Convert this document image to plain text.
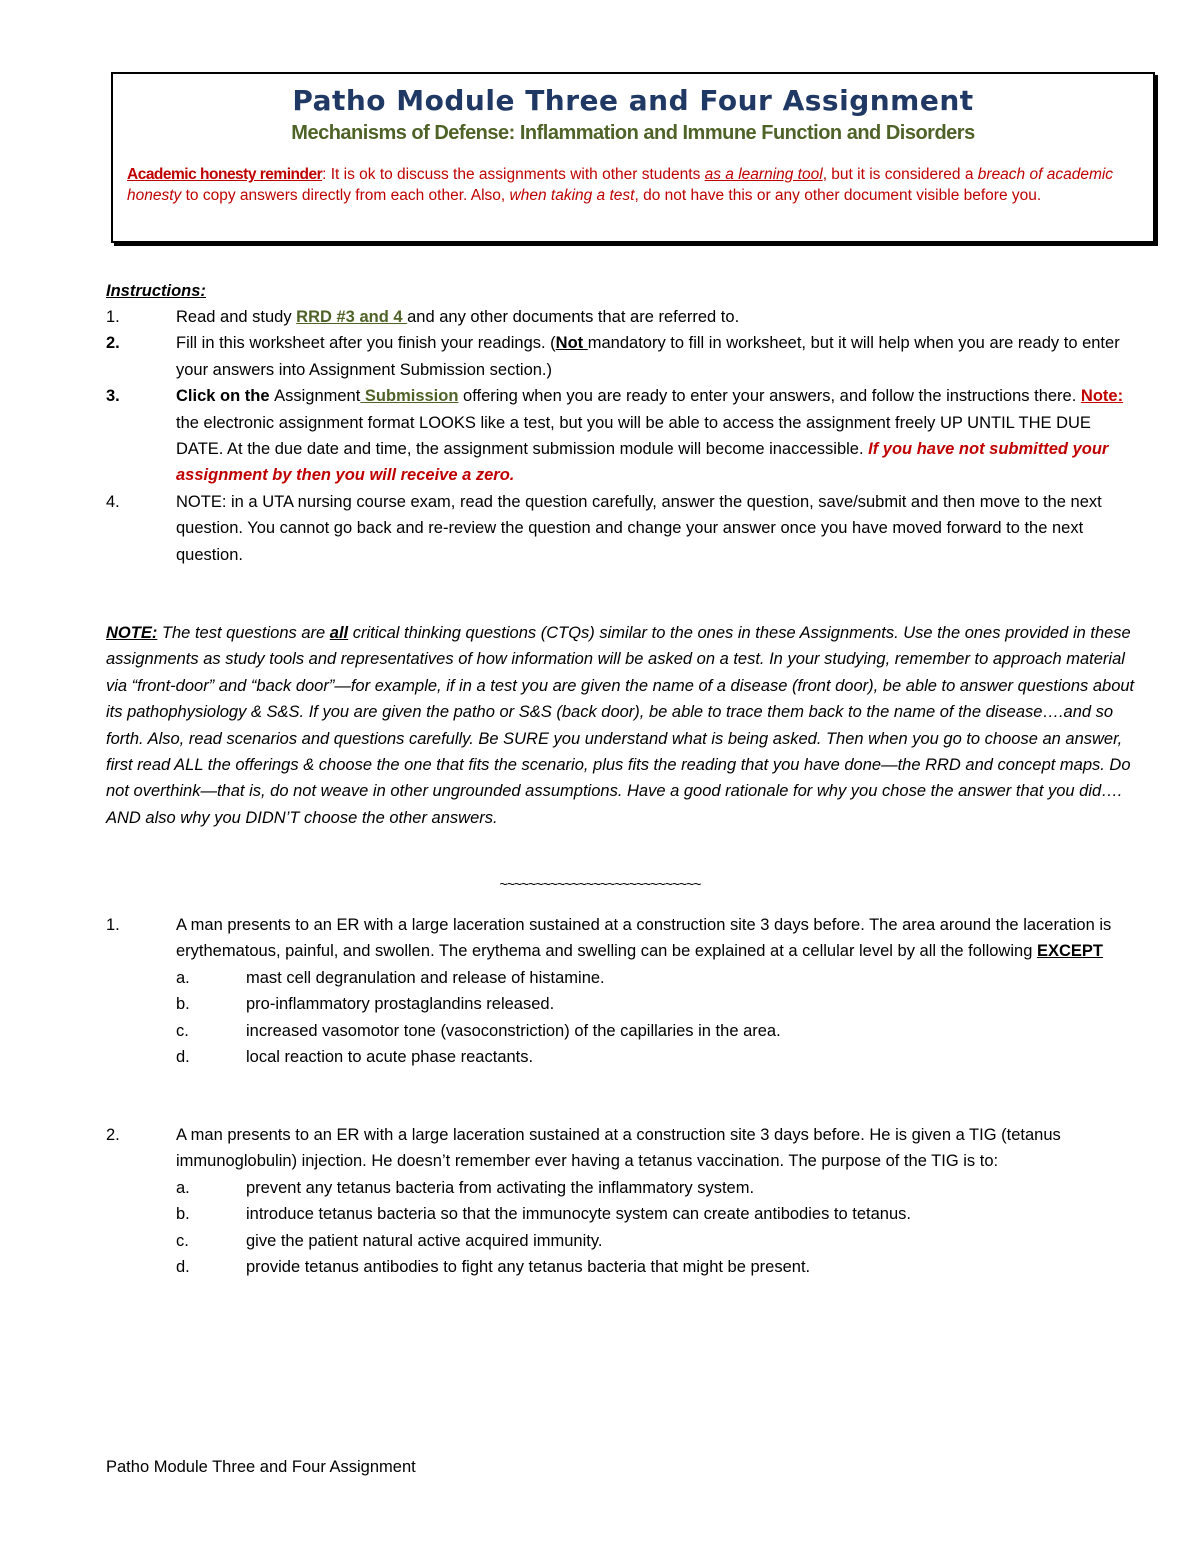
Patho Module Three and Four Assignment
Mechanisms of Defense: Inflammation and Immune Function and Disorders
Academic honesty reminder: It is ok to discuss the assignments with other students as a learning tool, but it is considered a breach of academic honesty to copy answers directly from each other. Also, when taking a test, do not have this or any other document visible before you.
Instructions:
1.	Read and study RRD #3 and 4 and any other documents that are referred to.
2.	Fill in this worksheet after you finish your readings. (Not mandatory to fill in worksheet, but it will help when you are ready to enter your answers into Assignment Submission section.)
3.	Click on the Assignment Submission offering when you are ready to enter your answers, and follow the instructions there. Note: the electronic assignment format LOOKS like a test, but you will be able to access the assignment freely UP UNTIL THE DUE DATE. At the due date and time, the assignment submission module will become inaccessible. If you have not submitted your assignment by then you will receive a zero.
4.	NOTE: in a UTA nursing course exam, read the question carefully, answer the question, save/submit and then move to the next question. You cannot go back and re-review the question and change your answer once you have moved forward to the next question.
NOTE: The test questions are all critical thinking questions (CTQs) similar to the ones in these Assignments. Use the ones provided in these assignments as study tools and representatives of how information will be asked on a test. In your studying, remember to approach material via “front-door” and “back door”—for example, if in a test you are given the name of a disease (front door), be able to answer questions about its pathophysiology & S&S. If you are given the patho or S&S (back door), be able to trace them back to the name of the disease….and so forth. Also, read scenarios and questions carefully. Be SURE you understand what is being asked. Then when you go to choose an answer, first read ALL the offerings & choose the one that fits the scenario, plus fits the reading that you have done—the RRD and concept maps. Do not overthink—that is, do not weave in other ungrounded assumptions. Have a good rationale for why you chose the answer that you did…. AND also why you DIDN’T choose the other answers.
~~~~~~~~~~~~~~~~~~~~~~~~~~~~
1.	A man presents to an ER with a large laceration sustained at a construction site 3 days before. The area around the laceration is erythematous, painful, and swollen. The erythema and swelling can be explained at a cellular level by all the following EXCEPT
a.	mast cell degranulation and release of histamine.
b.	pro-inflammatory prostaglandins released.
c.	increased vasomotor tone (vasoconstriction) of the capillaries in the area.
d.	local reaction to acute phase reactants.
2.	A man presents to an ER with a large laceration sustained at a construction site 3 days before. He is given a TIG (tetanus immunoglobulin) injection. He doesn’t remember ever having a tetanus vaccination. The purpose of the TIG is to:
a.	prevent any tetanus bacteria from activating the inflammatory system.
b.	introduce tetanus bacteria so that the immunocyte system can create antibodies to tetanus.
c.	give the patient natural active acquired immunity.
d.	provide tetanus antibodies to fight any tetanus bacteria that might be present.
Patho Module Three and Four Assignment
